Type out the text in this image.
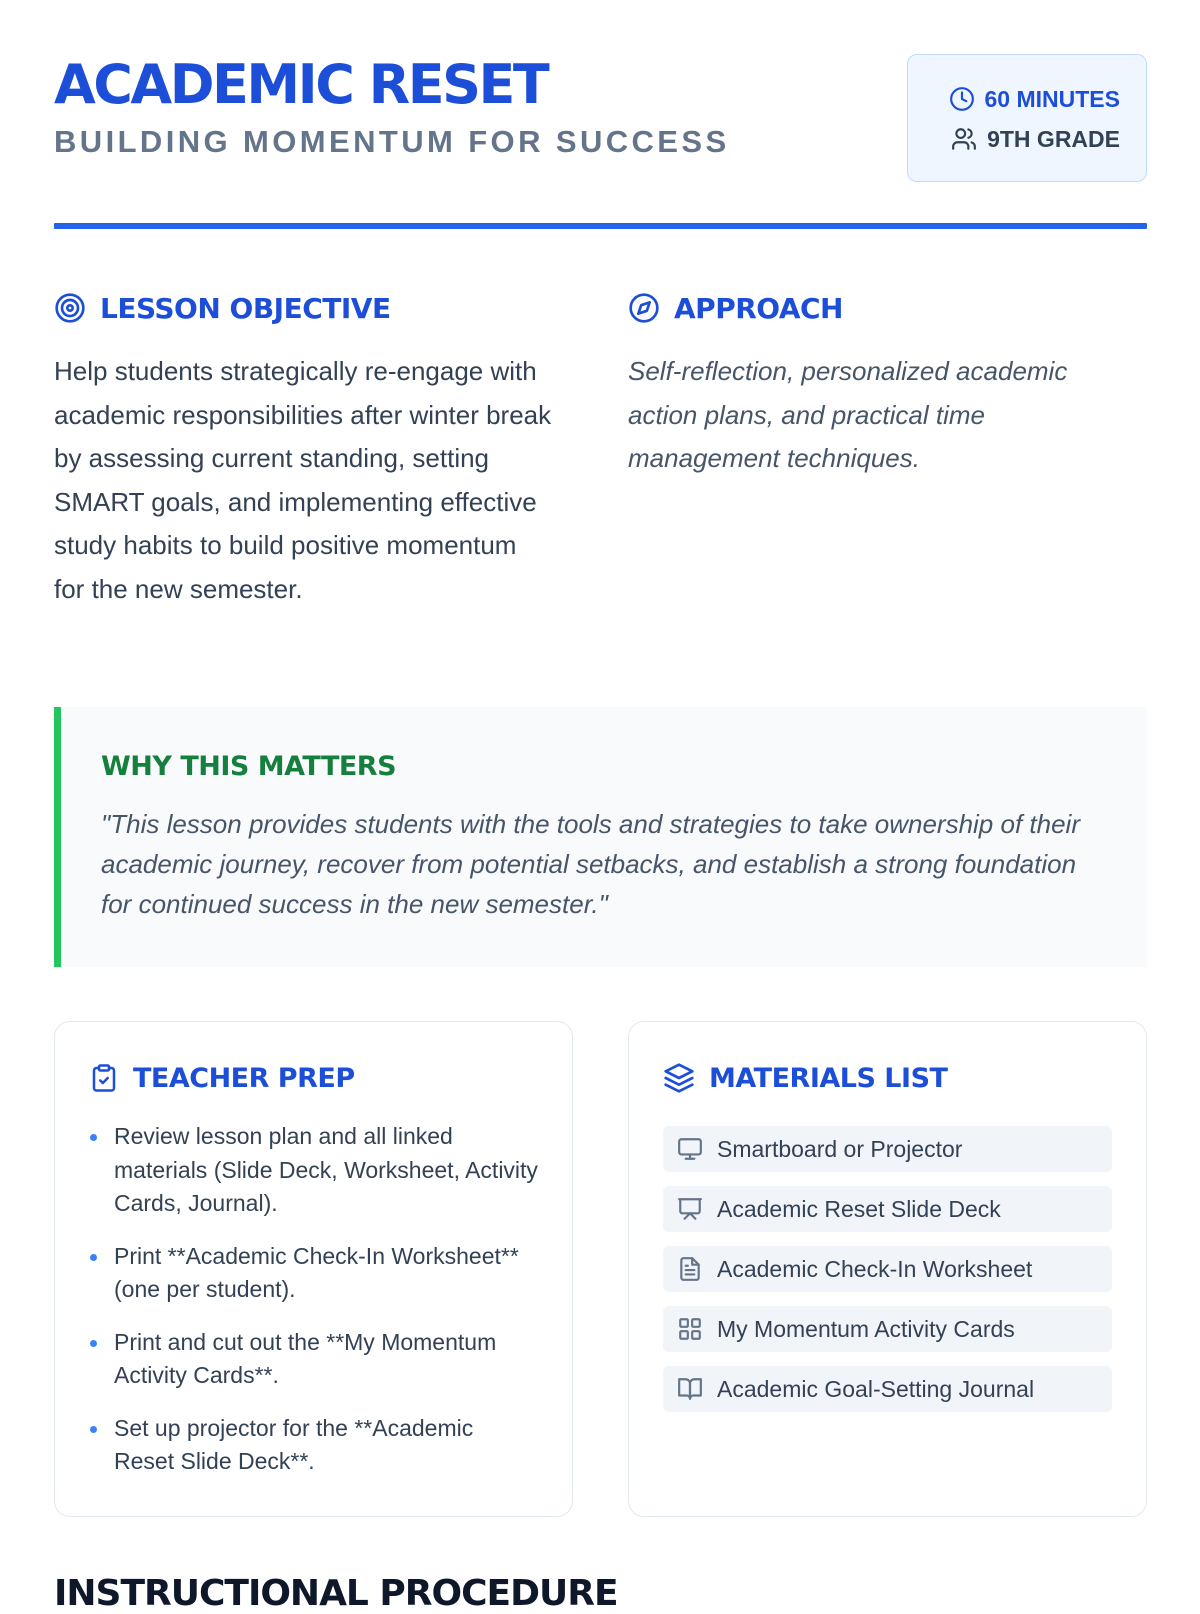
ACADEMIC RESET
BUILDING MOMENTUM FOR SUCCESS
60 MINUTES
9TH GRADE
LESSON OBJECTIVE

Help students strategically re-engage with academic responsibilities after winter break by assessing current standing, setting SMART goals, and implementing effective study habits to build positive momentum for the new semester.

APPROACH

Self-reflection, personalized academic action plans, and practical time management techniques.

WHY THIS MATTERS

"This lesson provides students with the tools and strategies to take ownership of their academic journey, recover from potential setbacks, and establish a strong foundation for continued success in the new semester."

TEACHER PREP
Review lesson plan and all linked materials (Slide Deck, Worksheet, Activity Cards, Journal).
Print **Academic Check-In Worksheet** (one per student).
Print and cut out the **My Momentum Activity Cards**.
Set up projector for the **Academic Reset Slide Deck**.
MATERIALS LIST
Smartboard or Projector
Academic Reset Slide Deck
Academic Check-In Worksheet
My Momentum Activity Cards
Academic Goal-Setting Journal
INSTRUCTIONAL PROCEDURE
